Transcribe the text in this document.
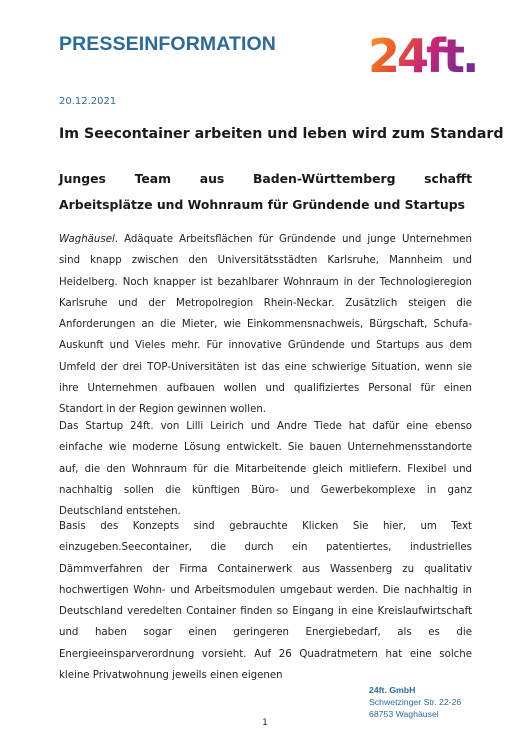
PRESSEINFORMATION 24ft.
20.12.2021
Im Seecontainer arbeiten und leben wird zum Standard
Junges Team aus Baden-Württemberg schafft Arbeitsplätze und Wohnraum für Gründende und Startups
Waghäusel. Adäquate Arbeitsflächen für Gründende und junge Unternehmen sind knapp zwischen den Universitätsstädten Karlsruhe, Mannheim und Heidelberg. Noch knapper ist bezahlbarer Wohnraum in der Technologieregion Karlsruhe und der Metropolregion Rhein-Neckar. Zusätzlich steigen die Anforderungen an die Mieter, wie Einkommensnachweis, Bürgschaft, Schufa-Auskunft und Vieles mehr. Für innovative Gründende und Startups aus dem Umfeld der drei TOP-Universitäten ist das eine schwierige Situation, wenn sie ihre Unternehmen aufbauen wollen und qualifiziertes Personal für einen Standort in der Region gewinnen wollen.
Das Startup 24ft. von Lilli Leirich und Andre Tiede hat dafür eine ebenso einfache wie moderne Lösung entwickelt. Sie bauen Unternehmensstandorte auf, die den Wohnraum für die Mitarbeitende gleich mitliefern. Flexibel und nachhaltig sollen die künftigen Büro- und Gewerbekomplexe in ganz Deutschland entstehen.
Basis des Konzepts sind gebrauchte Klicken Sie hier, um Text einzugeben.Seecontainer, die durch ein patentiertes, industrielles Dämmverfahren der Firma Containerwerk aus Wassenberg zu qualitativ hochwertigen Wohn- und Arbeitsmodulen umgebaut werden. Die nachhaltig in Deutschland veredelten Container finden so Eingang in eine Kreislaufwirtschaft und haben sogar einen geringeren Energiebedarf, als es die Energieeinsparverordnung vorsieht. Auf 26 Quadratmetern hat eine solche kleine Privatwohnung jeweils einen eigenen
24ft. GmbH
Schwetzinger Str. 22-26
68753 Waghäusel
1
